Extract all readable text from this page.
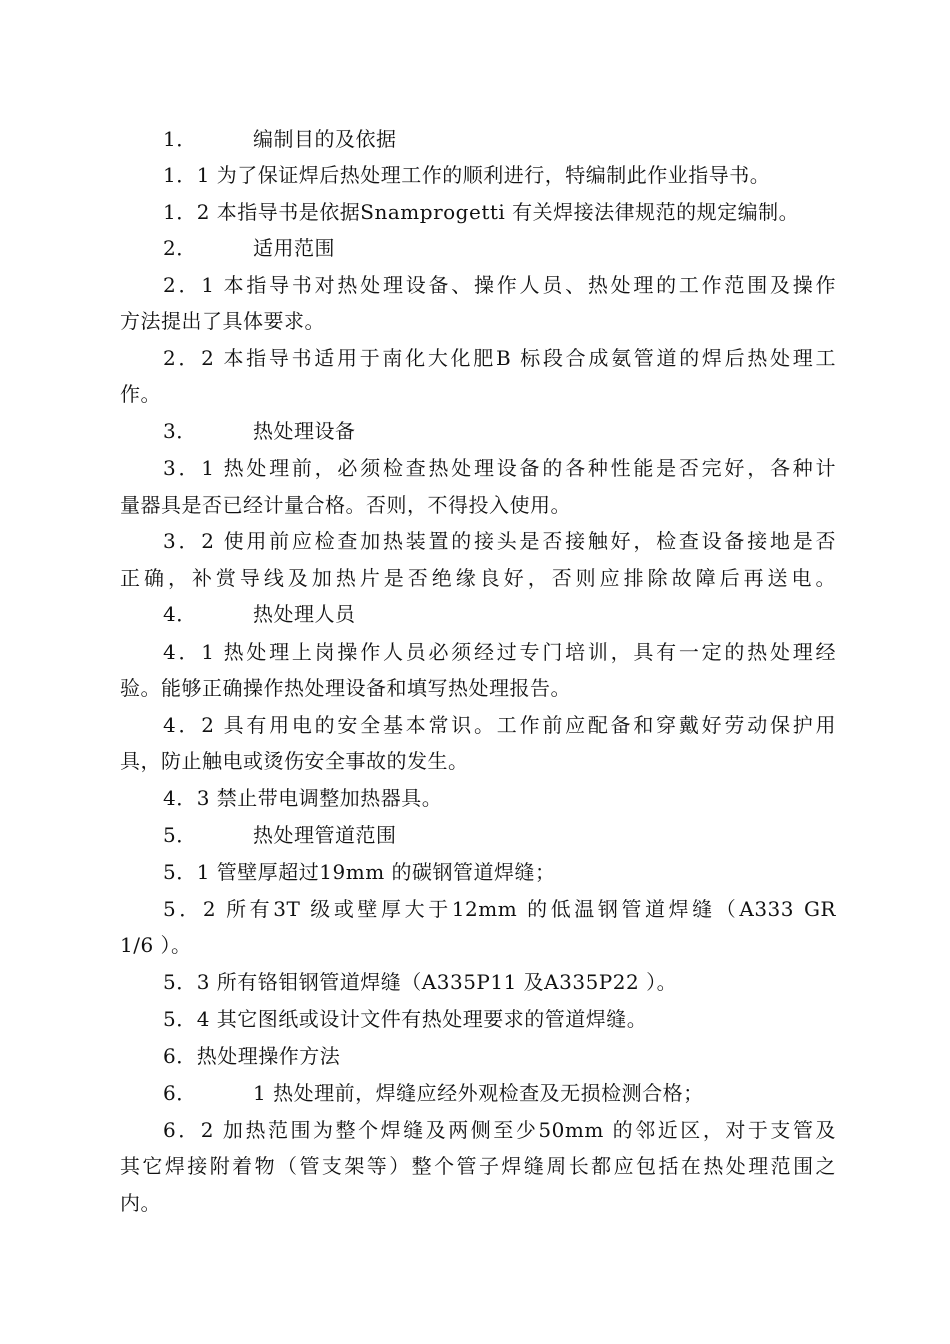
1．	编制目的及依据
1．1 为了保证焊后热处理工作的顺利进行，特编制此作业指导书。
1．2 本指导书是依据Snamprogetti 有关焊接法律规范的规定编制。
2．	适用范围
2．1 本指导书对热处理设备、操作人员、热处理的工作范围及操作
方法提出了具体要求。
2．2 本指导书适用于南化大化肥B 标段合成氨管道的焊后热处理工
作。
3．	热处理设备
3．1 热处理前，必须检查热处理设备的各种性能是否完好，各种计
量器具是否已经计量合格。否则，不得投入使用。
3．2 使用前应检查加热装置的接头是否接触好，检查设备接地是否
正确，补赏导线及加热片是否绝缘良好，否则应排除故障后再送电。
4．	热处理人员
4．1 热处理上岗操作人员必须经过专门培训，具有一定的热处理经
验。能够正确操作热处理设备和填写热处理报告。
4．2 具有用电的安全基本常识。工作前应配备和穿戴好劳动保护用
具，防止触电或烫伤安全事故的发生。
4．3 禁止带电调整加热器具。
5．	热处理管道范围
5．1 管壁厚超过19mm 的碳钢管道焊缝；
5．2 所有3T 级或壁厚大于12mm 的低温钢管道焊缝（A333 GR
1/6 ）。
5．3 所有铬钼钢管道焊缝（A335P11 及A335P22 ）。
5．4 其它图纸或设计文件有热处理要求的管道焊缝。
6．热处理操作方法
6．	1 热处理前，焊缝应经外观检查及无损检测合格；
6．2 加热范围为整个焊缝及两侧至少50mm 的邻近区，对于支管及
其它焊接附着物（管支架等）整个管子焊缝周长都应包括在热处理范围之
内。
